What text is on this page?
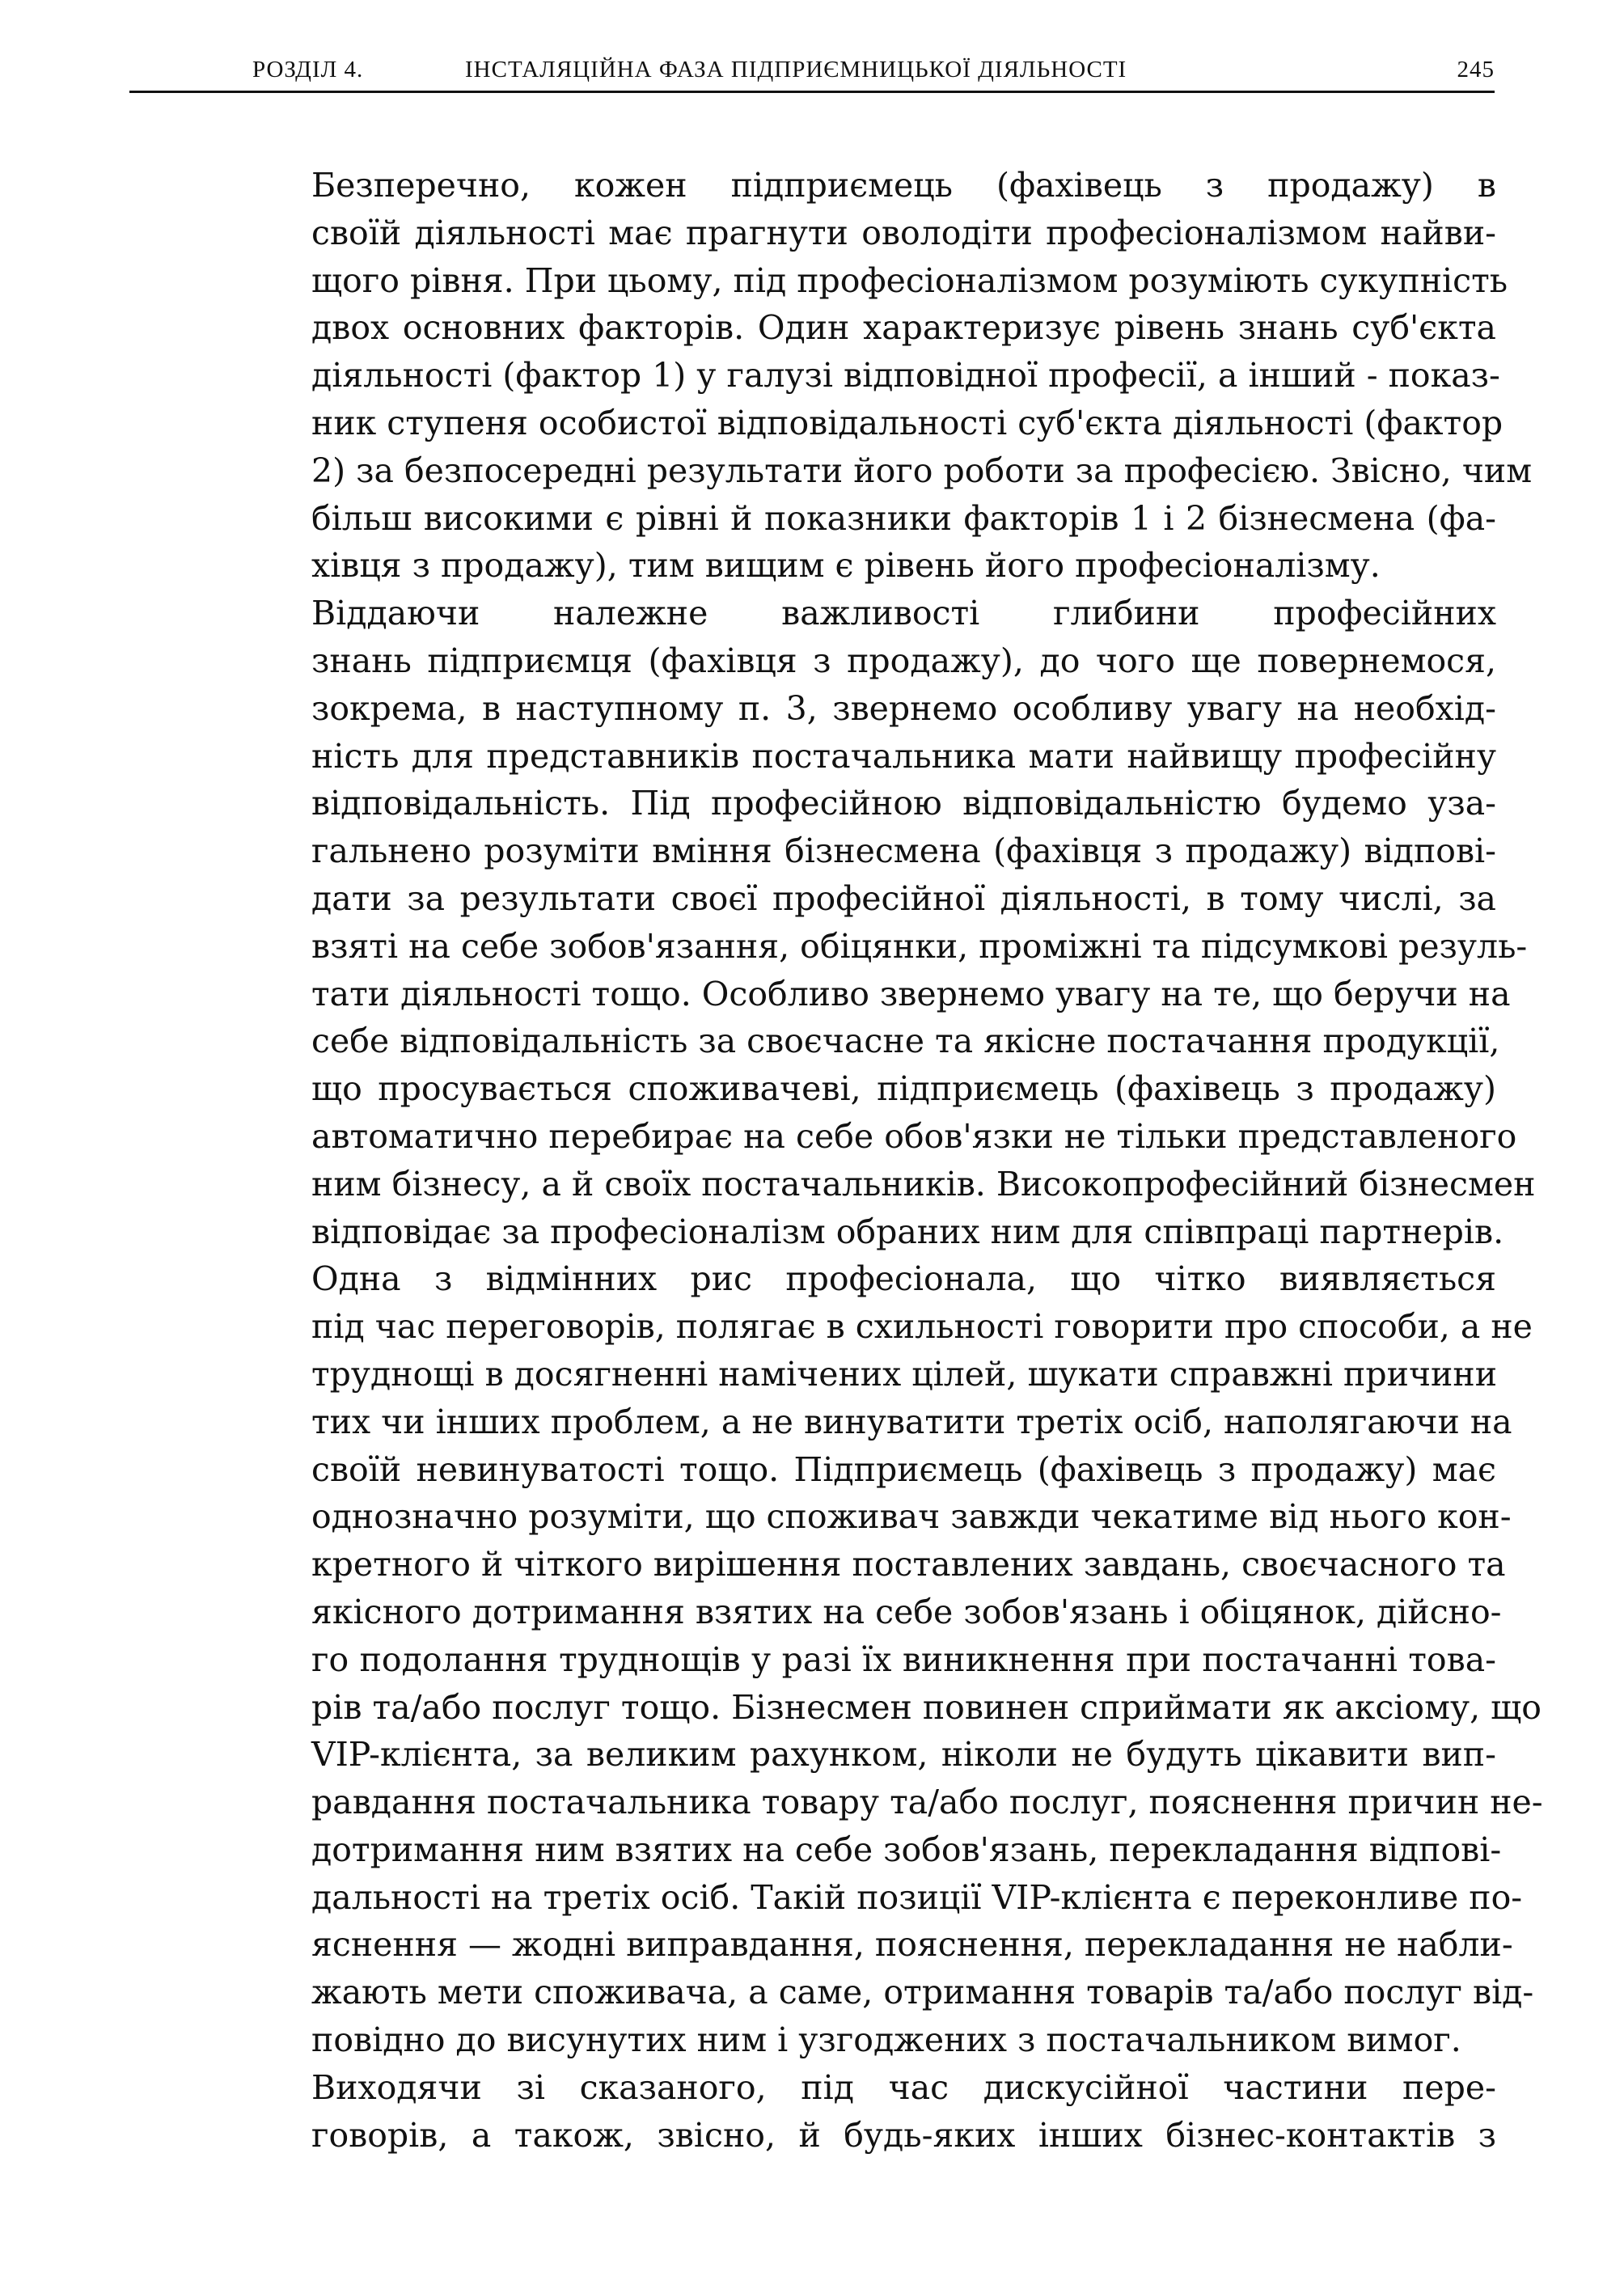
РОЗДІЛ 4.	ІНСТАЛЯЦІЙНА ФАЗА ПІДПРИЄМНИЦЬКОЇ ДІЯЛЬНОСТІ	245

Безперечно, кожен підприємець (фахівець з продажу) в
своїй діяльності має прагнути оволодіти професіоналізмом найви-
щого рівня. При цьому, під професіоналізмом розуміють сукупність
двох основних факторів. Один характеризує рівень знань суб'єкта
діяльності (фактор 1) у галузі відповідної професії, а інший - показ-
ник ступеня особистої відповідальності суб'єкта діяльності (фактор
2) за безпосередні результати його роботи за професією. Звісно, чим
більш високими є рівні й показники факторів 1 і 2 бізнесмена (фа-
хівця з продажу), тим вищим є рівень його професіоналізму.

Віддаючи належне важливості глибини професійних
знань підприємця (фахівця з продажу), до чого ще повернемося,
зокрема, в наступному п. 3, звернемо особливу увагу на необхід-
ність для представників постачальника мати найвищу професійну
відповідальність. Під професійною відповідальністю будемо уза-
гальнено розуміти вміння бізнесмена (фахівця з продажу) відпові-
дати за результати своєї професійної діяльності, в тому числі, за
взяті на себе зобов'язання, обіцянки, проміжні та підсумкові резуль-
тати діяльності тощо. Особливо звернемо увагу на те, що беручи на
себе відповідальність за своєчасне та якісне постачання продукції,
що просувається споживачеві, підприємець (фахівець з продажу)
автоматично перебирає на себе обов'язки не тільки представленого
ним бізнесу, а й своїх постачальників. Високопрофесійний бізнесмен
відповідає за професіоналізм обраних ним для співпраці партнерів.

Одна з відмінних рис професіонала, що чітко виявляється
під час переговорів, полягає в схильності говорити про способи, а не
труднощі в досягненні намічених цілей, шукати справжні причини
тих чи інших проблем, а не винуватити третіх осіб, наполягаючи на
своїй невинуватості тощо. Підприємець (фахівець з продажу) має
однозначно розуміти, що споживач завжди чекатиме від нього кон-
кретного й чіткого вирішення поставлених завдань, своєчасного та
якісного дотримання взятих на себе зобов'язань і обіцянок, дійсно-
го подолання труднощів у разі їх виникнення при постачанні това-
рів та/або послуг тощо. Бізнесмен повинен сприймати як аксіому, що
VIP-клієнта, за великим рахунком, ніколи не будуть цікавити вип-
равдання постачальника товару та/або послуг, пояснення причин не-
дотримання ним взятих на себе зобов'язань, перекладання відпові-
дальності на третіх осіб. Такій позиції VIP-клієнта є переконливе по-
яснення — жодні виправдання, пояснення, перекладання не набли-
жають мети споживача, а саме, отримання товарів та/або послуг від-
повідно до висунутих ним і узгоджених з постачальником вимог.

Виходячи зі сказаного, під час дискусійної частини пере-
говорів, а також, звісно, й будь-яких інших бізнес-контактів з
